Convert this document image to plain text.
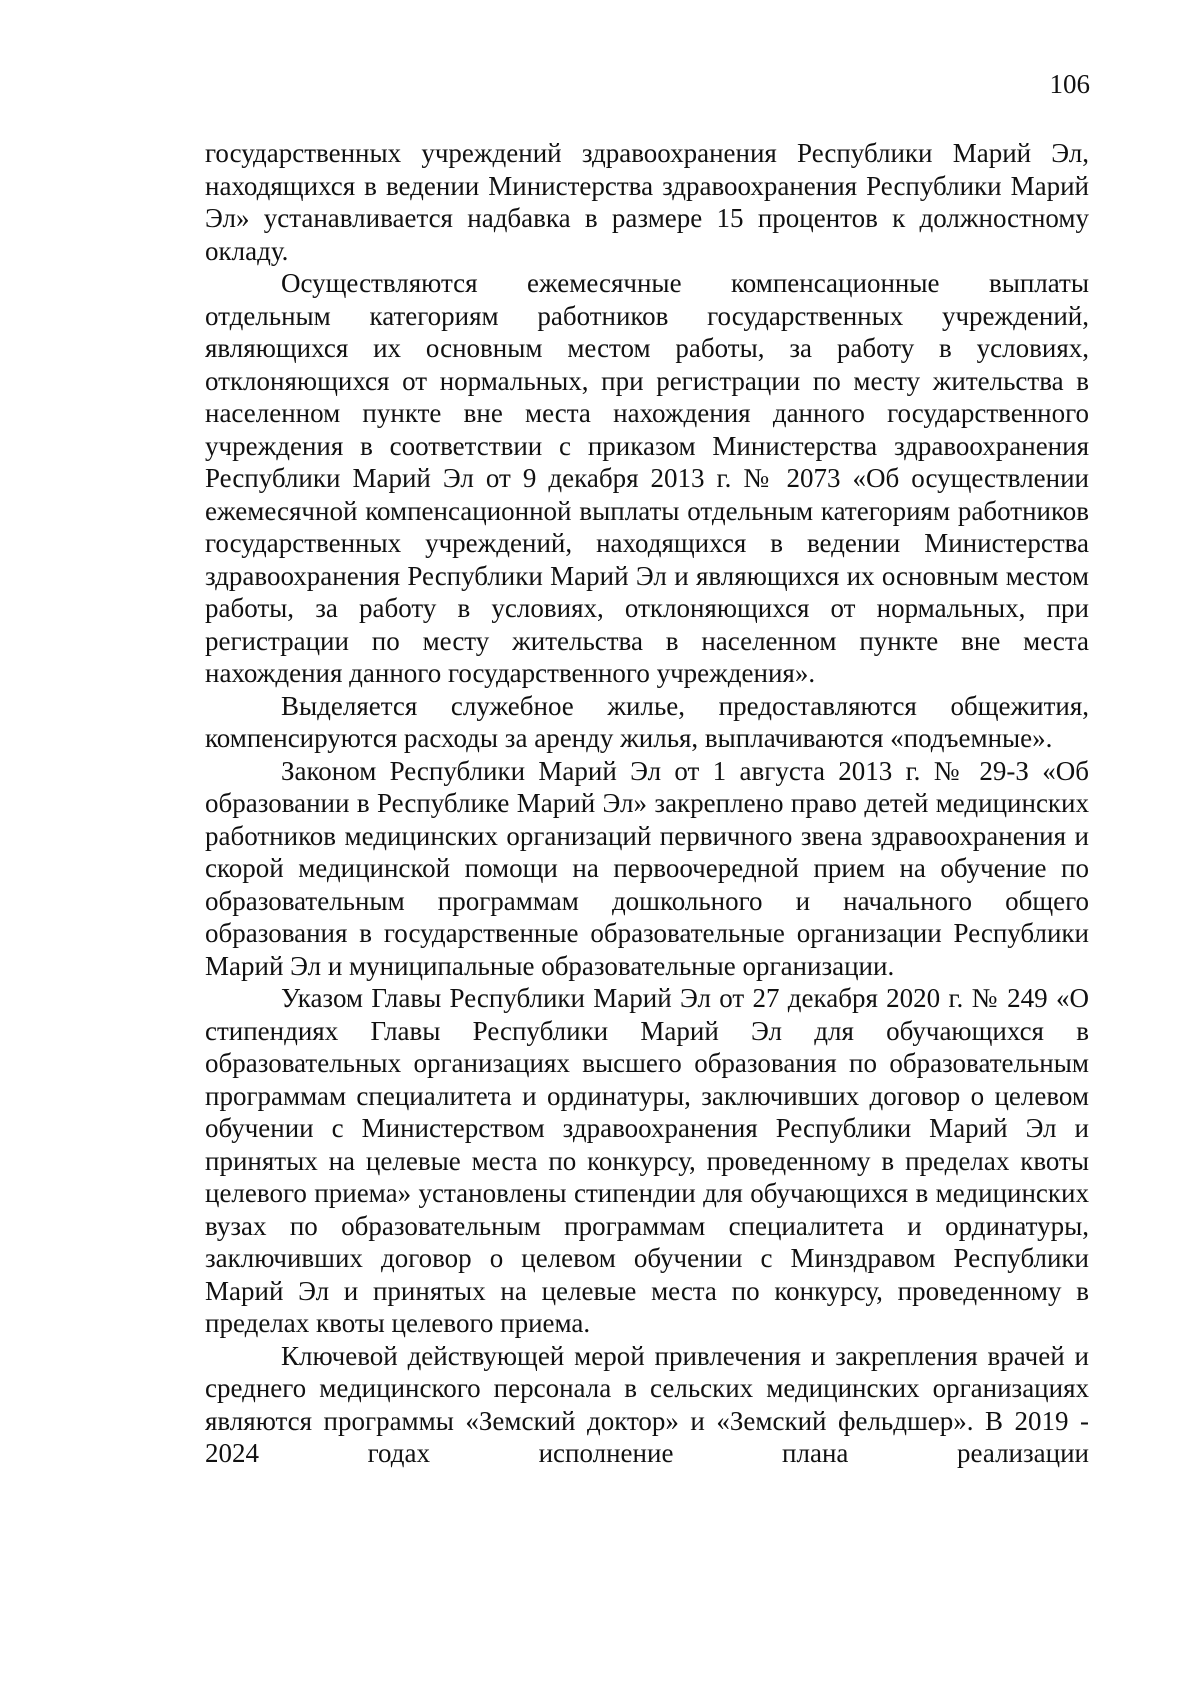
106

государственных учреждений здравоохранения Республики Марий Эл, находящихся в ведении Министерства здравоохранения Республики Марий Эл» устанавливается надбавка в размере 15 процентов к должностному окладу.

Осуществляются ежемесячные компенсационные выплаты отдельным категориям работников государственных учреждений, являющихся их основным местом работы, за работу в условиях, отклоняющихся от нормальных, при регистрации по месту жительства в населенном пункте вне места нахождения данного государственного учреждения в соответствии с приказом Министерства здравоохранения Республики Марий Эл от 9 декабря 2013 г. № 2073 «Об осуществлении ежемесячной компенсационной выплаты отдельным категориям работников государственных учреждений, находящихся в ведении Министерства здравоохранения Республики Марий Эл и являющихся их основным местом работы, за работу в условиях, отклоняющихся от нормальных, при регистрации по месту жительства в населенном пункте вне места нахождения данного государственного учреждения».

Выделяется служебное жилье, предоставляются общежития, компенсируются расходы за аренду жилья, выплачиваются «подъемные».

Законом Республики Марий Эл от 1 августа 2013 г. № 29-З «Об образовании в Республике Марий Эл» закреплено право детей медицинских работников медицинских организаций первичного звена здравоохранения и скорой медицинской помощи на первоочередной прием на обучение по образовательным программам дошкольного и начального общего образования в государственные образовательные организации Республики Марий Эл и муниципальные образовательные организации.

Указом Главы Республики Марий Эл от 27 декабря 2020 г. № 249 «О стипендиях Главы Республики Марий Эл для обучающихся в образовательных организациях высшего образования по образовательным программам специалитета и ординатуры, заключивших договор о целевом обучении с Министерством здравоохранения Республики Марий Эл и принятых на целевые места по конкурсу, проведенному в пределах квоты целевого приема» установлены стипендии для обучающихся в медицинских вузах по образовательным программам специалитета и ординатуры, заключивших договор о целевом обучении с Минздравом Республики Марий Эл и принятых на целевые места по конкурсу, проведенному в пределах квоты целевого приема.

Ключевой действующей мерой привлечения и закрепления врачей и среднего медицинского персонала в сельских медицинских организациях являются программы «Земский доктор» и «Земский фельдшер». В 2019 - 2024 годах исполнение плана реализации
